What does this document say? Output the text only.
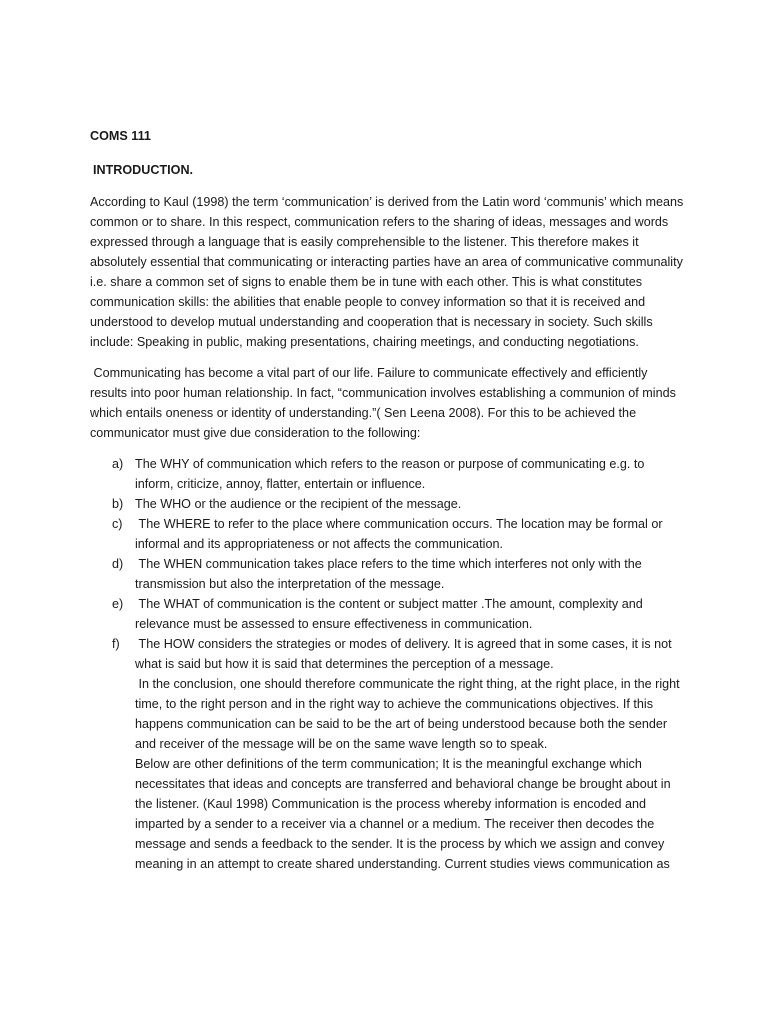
COMS 111
INTRODUCTION.
According to Kaul (1998) the term ‘communication’ is derived from the Latin word ‘communis’ which means common or to share. In this respect, communication refers to the sharing of ideas, messages and words expressed through a language that is easily comprehensible to the listener. This therefore makes it absolutely essential that communicating or interacting parties have an area of communicative communality i.e. share a common set of signs to enable them be in tune with each other. This is what constitutes communication skills: the abilities that enable people to convey information so that it is received and understood to develop mutual understanding and cooperation that is necessary in society. Such skills include: Speaking in public, making presentations, chairing meetings, and conducting negotiations.
Communicating has become a vital part of our life. Failure to communicate effectively and efficiently results into poor human relationship. In fact, “communication involves establishing a communion of minds which entails oneness or identity of understanding.”( Sen Leena 2008). For this to be achieved the communicator must give due consideration to the following:
a) The WHY of communication which refers to the reason or purpose of communicating e.g. to inform, criticize, annoy, flatter, entertain or influence.
b) The WHO or the audience or the recipient of the message.
c) The WHERE to refer to the place where communication occurs. The location may be formal or informal and its appropriateness or not affects the communication.
d) The WHEN communication takes place refers to the time which interferes not only with the transmission but also the interpretation of the message.
e) The WHAT of communication is the content or subject matter .The amount, complexity and relevance must be assessed to ensure effectiveness in communication.
f) The HOW considers the strategies or modes of delivery. It is agreed that in some cases, it is not what is said but how it is said that determines the perception of a message.
In the conclusion, one should therefore communicate the right thing, at the right place, in the right time, to the right person and in the right way to achieve the communications objectives. If this happens communication can be said to be the art of being understood because both the sender and receiver of the message will be on the same wave length so to speak.
Below are other definitions of the term communication; It is the meaningful exchange which necessitates that ideas and concepts are transferred and behavioral change be brought about in the listener. (Kaul 1998) Communication is the process whereby information is encoded and imparted by a sender to a receiver via a channel or a medium. The receiver then decodes the message and sends a feedback to the sender. It is the process by which we assign and convey meaning in an attempt to create shared understanding. Current studies views communication as
